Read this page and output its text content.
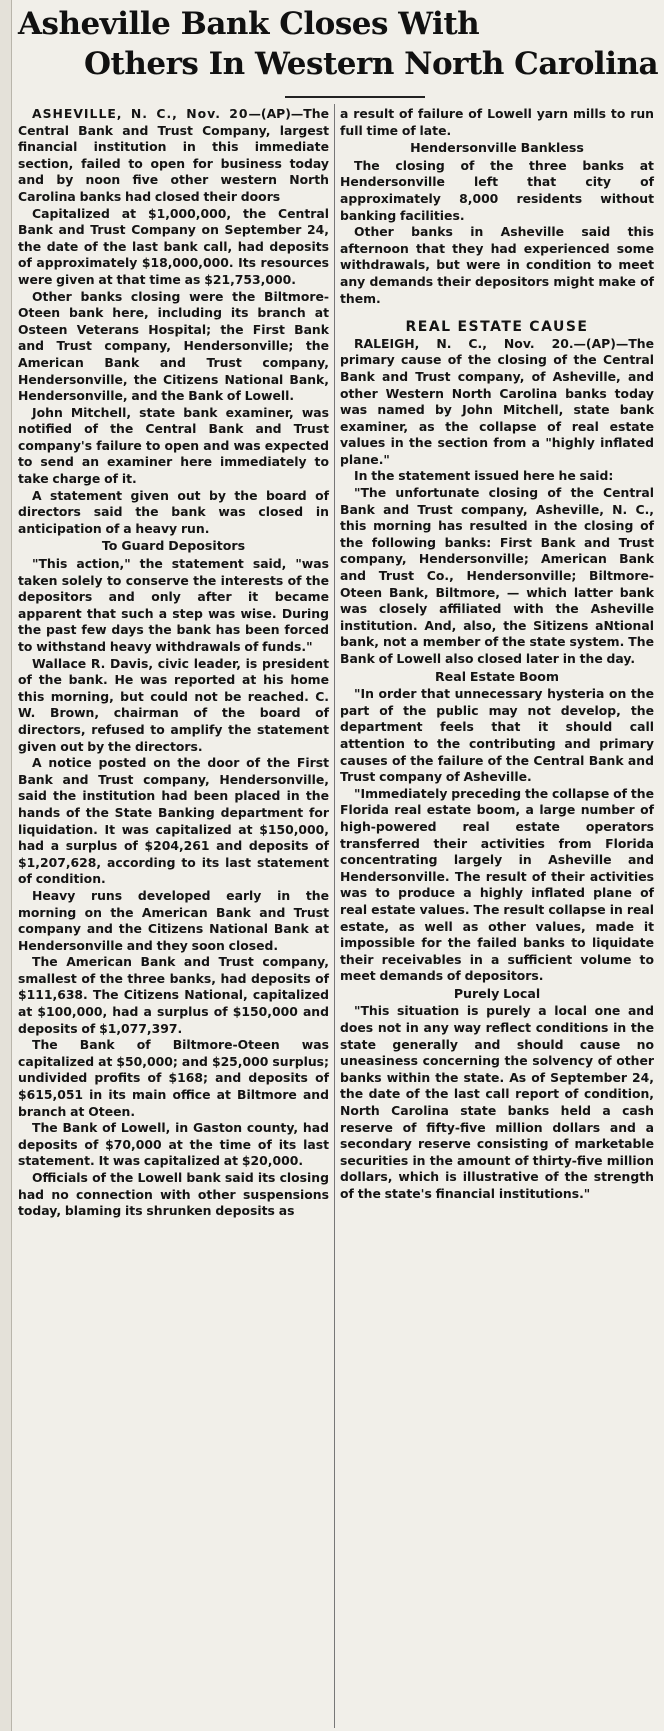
Asheville Bank Closes With
Others In Western North Carolina

ASHEVILLE, N. C., Nov. 20—(AP)—The Central Bank and Trust Company, largest financial institution in this immediate section, failed to open for business today and by noon five other western North Carolina banks had closed their doors

Capitalized at $1,000,000, the Central Bank and Trust Company on September 24, the date of the last bank call, had deposits of approximately $18,000,000. Its resources were given at that time as $21,753,000.

Other banks closing were the Biltmore-Oteen bank here, including its branch at Osteen Veterans Hospital; the First Bank and Trust company, Hendersonville; the American Bank and Trust company, Hendersonville, the Citizens National Bank, Hendersonville, and the Bank of Lowell.

John Mitchell, state bank examiner, was notified of the Central Bank and Trust company's failure to open and was expected to send an examiner here immediately to take charge of it.

A statement given out by the board of directors said the bank was closed in anticipation of a heavy run.

To Guard Depositors

"This action," the statement said, "was taken solely to conserve the interests of the depositors and only after it became apparent that such a step was wise. During the past few days the bank has been forced to withstand heavy withdrawals of funds."

Wallace R. Davis, civic leader, is president of the bank. He was reported at his home this morning, but could not be reached. C. W. Brown, chairman of the board of directors, refused to amplify the statement given out by the directors.

A notice posted on the door of the First Bank and Trust company, Hendersonville, said the institution had been placed in the hands of the State Banking department for liquidation. It was capitalized at $150,000, had a surplus of $204,261 and deposits of $1,207,628, according to its last statement of condition.

Heavy runs developed early in the morning on the American Bank and Trust company and the Citizens National Bank at Hendersonville and they soon closed.

The American Bank and Trust company, smallest of the three banks, had deposits of $111,638. The Citizens National, capitalized at $100,000, had a surplus of $150,000 and deposits of $1,077,397.

The Bank of Biltmore-Oteen was capitalized at $50,000; and $25,000 surplus; undivided profits of $168; and deposits of $615,051 in its main office at Biltmore and branch at Oteen.

The Bank of Lowell, in Gaston county, had deposits of $70,000 at the time of its last statement. It was capitalized at $20,000.

Officials of the Lowell bank said its closing had no connection with other suspensions today, blaming its shrunken deposits as

a result of failure of Lowell yarn mills to run full time of late.

Hendersonville Bankless

The closing of the three banks at Hendersonville left that city of approximately 8,000 residents without banking facilities.

Other banks in Asheville said this afternoon that they had experienced some withdrawals, but were in condition to meet any demands their depositors might make of them.

REAL ESTATE CAUSE

RALEIGH, N. C., Nov. 20.—(AP)—The primary cause of the closing of the Central Bank and Trust company, of Asheville, and other Western North Carolina banks today was named by John Mitchell, state bank examiner, as the collapse of real estate values in the section from a "highly inflated plane."

In the statement issued here he said:

"The unfortunate closing of the Central Bank and Trust company, Asheville, N. C., this morning has resulted in the closing of the following banks: First Bank and Trust company, Hendersonville; American Bank and Trust Co., Hendersonville; Biltmore-Oteen Bank, Biltmore, — which latter bank was closely affiliated with the Asheville institution. And, also, the Sitizens aNtional bank, not a member of the state system. The Bank of Lowell also closed later in the day.

Real Estate Boom

"In order that unnecessary hysteria on the part of the public may not develop, the department feels that it should call attention to the contributing and primary causes of the failure of the Central Bank and Trust company of Asheville.

"Immediately preceding the collapse of the Florida real estate boom, a large number of high-powered real estate operators transferred their activities from Florida concentrating largely in Asheville and Hendersonville. The result of their activities was to produce a highly inflated plane of real estate values. The result collapse in real estate, as well as other values, made it impossible for the failed banks to liquidate their receivables in a sufficient volume to meet demands of depositors.

Purely Local

"This situation is purely a local one and does not in any way reflect conditions in the state generally and should cause no uneasiness concerning the solvency of other banks within the state. As of September 24, the date of the last call report of condition, North Carolina state banks held a cash reserve of fifty-five million dollars and a secondary reserve consisting of marketable securities in the amount of thirty-five million dollars, which is illustrative of the strength of the state's financial institutions."
